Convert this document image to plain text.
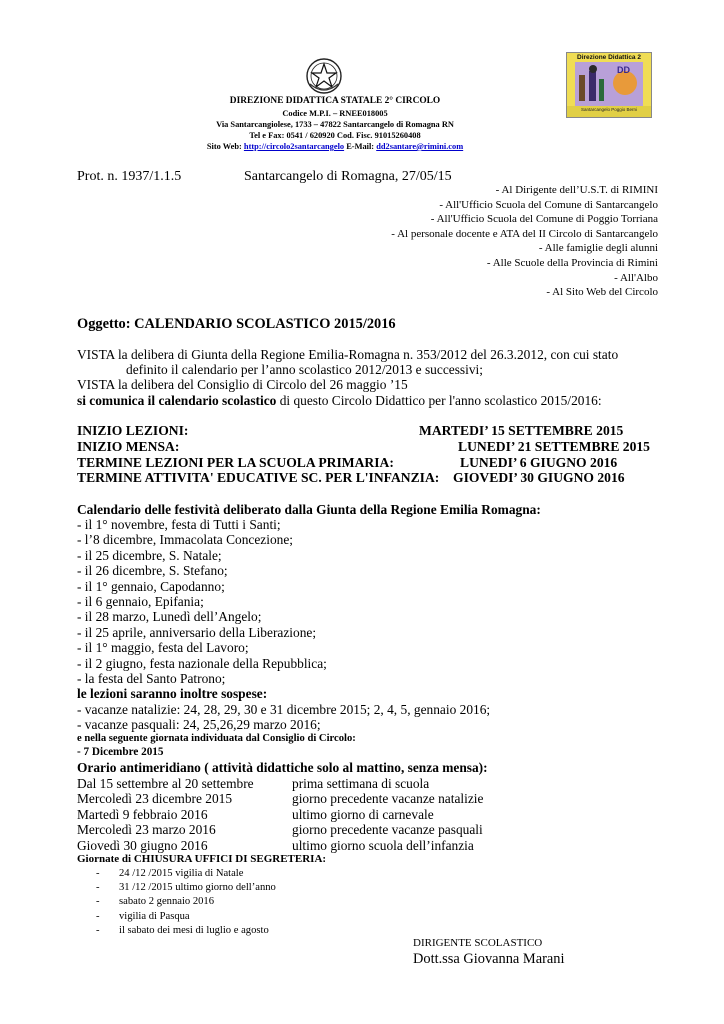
Direzione Didattica 2
DD
Santarcangelo Poggio Berni
DIREZIONE DIDATTICA STATALE 2° CIRCOLO
Codice M.P.I. – RNEE018005
Via Santarcangiolese, 1733 – 47822 Santarcangelo di Romagna RN
Tel e Fax: 0541 / 620920 Cod. Fisc. 91015260408
Sito Web: http://circolo2santarcangelo E-Mail: dd2santare@rimini.com
Prot. n. 1937/1.1.5	Santarcangelo di Romagna, 27/05/15
- Al Dirigente dell’U.S.T. di RIMINI
- All'Ufficio Scuola del Comune di Santarcangelo
- All'Ufficio Scuola del Comune di Poggio Torriana
- Al personale docente e ATA del II Circolo di Santarcangelo
- Alle famiglie degli alunni
- Alle Scuole della Provincia di Rimini
- All'Albo
- Al Sito Web del Circolo
Oggetto: CALENDARIO SCOLASTICO 2015/2016
VISTA la delibera di Giunta della Regione Emilia-Romagna n. 353/2012 del 26.3.2012, con cui stato
definito il calendario per l’anno scolastico 2012/2013 e successivi;
VISTA la delibera del Consiglio di Circolo del 26 maggio ’15
si comunica il calendario scolastico di questo Circolo Didattico per l'anno scolastico 2015/2016:
INIZIO LEZIONI:	MARTEDI’ 15 SETTEMBRE 2015
INIZIO MENSA:	LUNEDI’ 21 SETTEMBRE 2015
TERMINE LEZIONI PER LA SCUOLA PRIMARIA:	LUNEDI’ 6 GIUGNO 2016
TERMINE ATTIVITA' EDUCATIVE SC. PER L'INFANZIA: GIOVEDI’ 30 GIUGNO 2016
Calendario delle festività deliberato dalla Giunta della Regione Emilia Romagna:
- il 1° novembre, festa di Tutti i Santi;
- l’8 dicembre, Immacolata Concezione;
- il 25 dicembre, S. Natale;
- il 26 dicembre, S. Stefano;
- il 1° gennaio, Capodanno;
- il 6 gennaio, Epifania;
- il 28 marzo, Lunedì dell’Angelo;
- il 25 aprile, anniversario della Liberazione;
- il 1° maggio, festa del Lavoro;
- il 2 giugno, festa nazionale della Repubblica;
- la festa del Santo Patrono;
le lezioni saranno inoltre sospese:
- vacanze natalizie: 24, 28, 29, 30 e 31 dicembre 2015; 2, 4, 5, gennaio 2016;
- vacanze pasquali: 24, 25,26,29 marzo 2016;
e nella seguente giornata individuata dal Consiglio di Circolo:
- 7 Dicembre 2015
Orario antimeridiano ( attività didattiche solo al mattino, senza mensa):
Dal 15 settembre al 20 settembre	prima settimana di scuola
Mercoledì 23 dicembre 2015	giorno precedente vacanze natalizie
Martedì 9 febbraio 2016	ultimo giorno di carnevale
Mercoledì 23 marzo 2016	giorno precedente vacanze pasquali
Giovedì 30 giugno 2016	ultimo giorno scuola dell’infanzia
Giornate di CHIUSURA UFFICI DI SEGRETERIA:
- 24 /12 /2015 vigilia di Natale
- 31 /12 /2015 ultimo giorno dell’anno
- sabato 2 gennaio 2016
- vigilia di Pasqua
- il sabato dei mesi di luglio e agosto
DIRIGENTE SCOLASTICO
Dott.ssa Giovanna Marani
